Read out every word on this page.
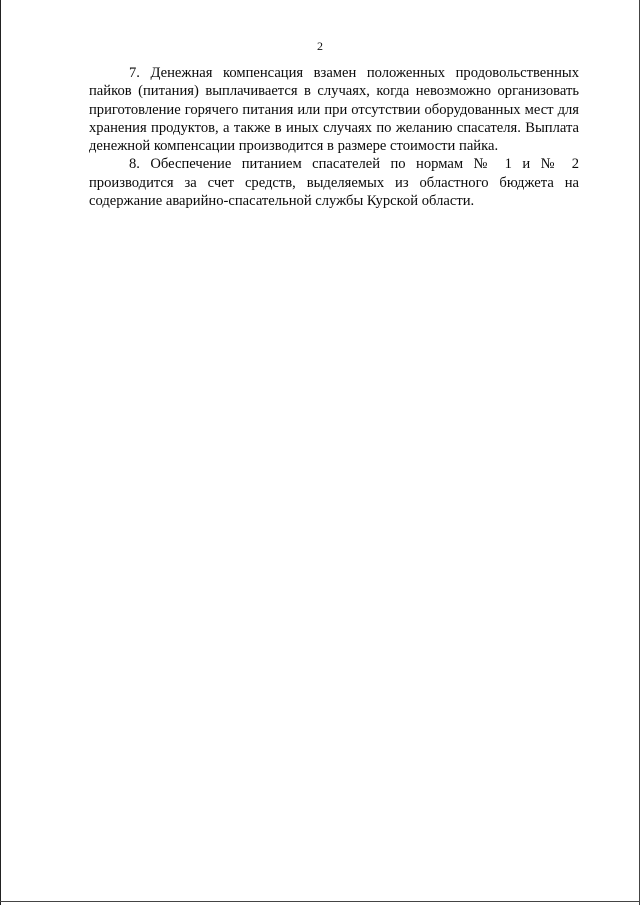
2

7. Денежная компенсация взамен положенных продовольственных пайков (питания) выплачивается в случаях, когда невозможно организовать приготовление горячего питания или при отсутствии оборудованных мест для хранения продуктов, а также в иных случаях по желанию спасателя. Выплата денежной компенсации производится в размере стоимости пайка.

8. Обеспечение питанием спасателей по нормам № 1 и № 2 производится за счет средств, выделяемых из областного бюджета на содержание аварийно-спасательной службы Курской области.
